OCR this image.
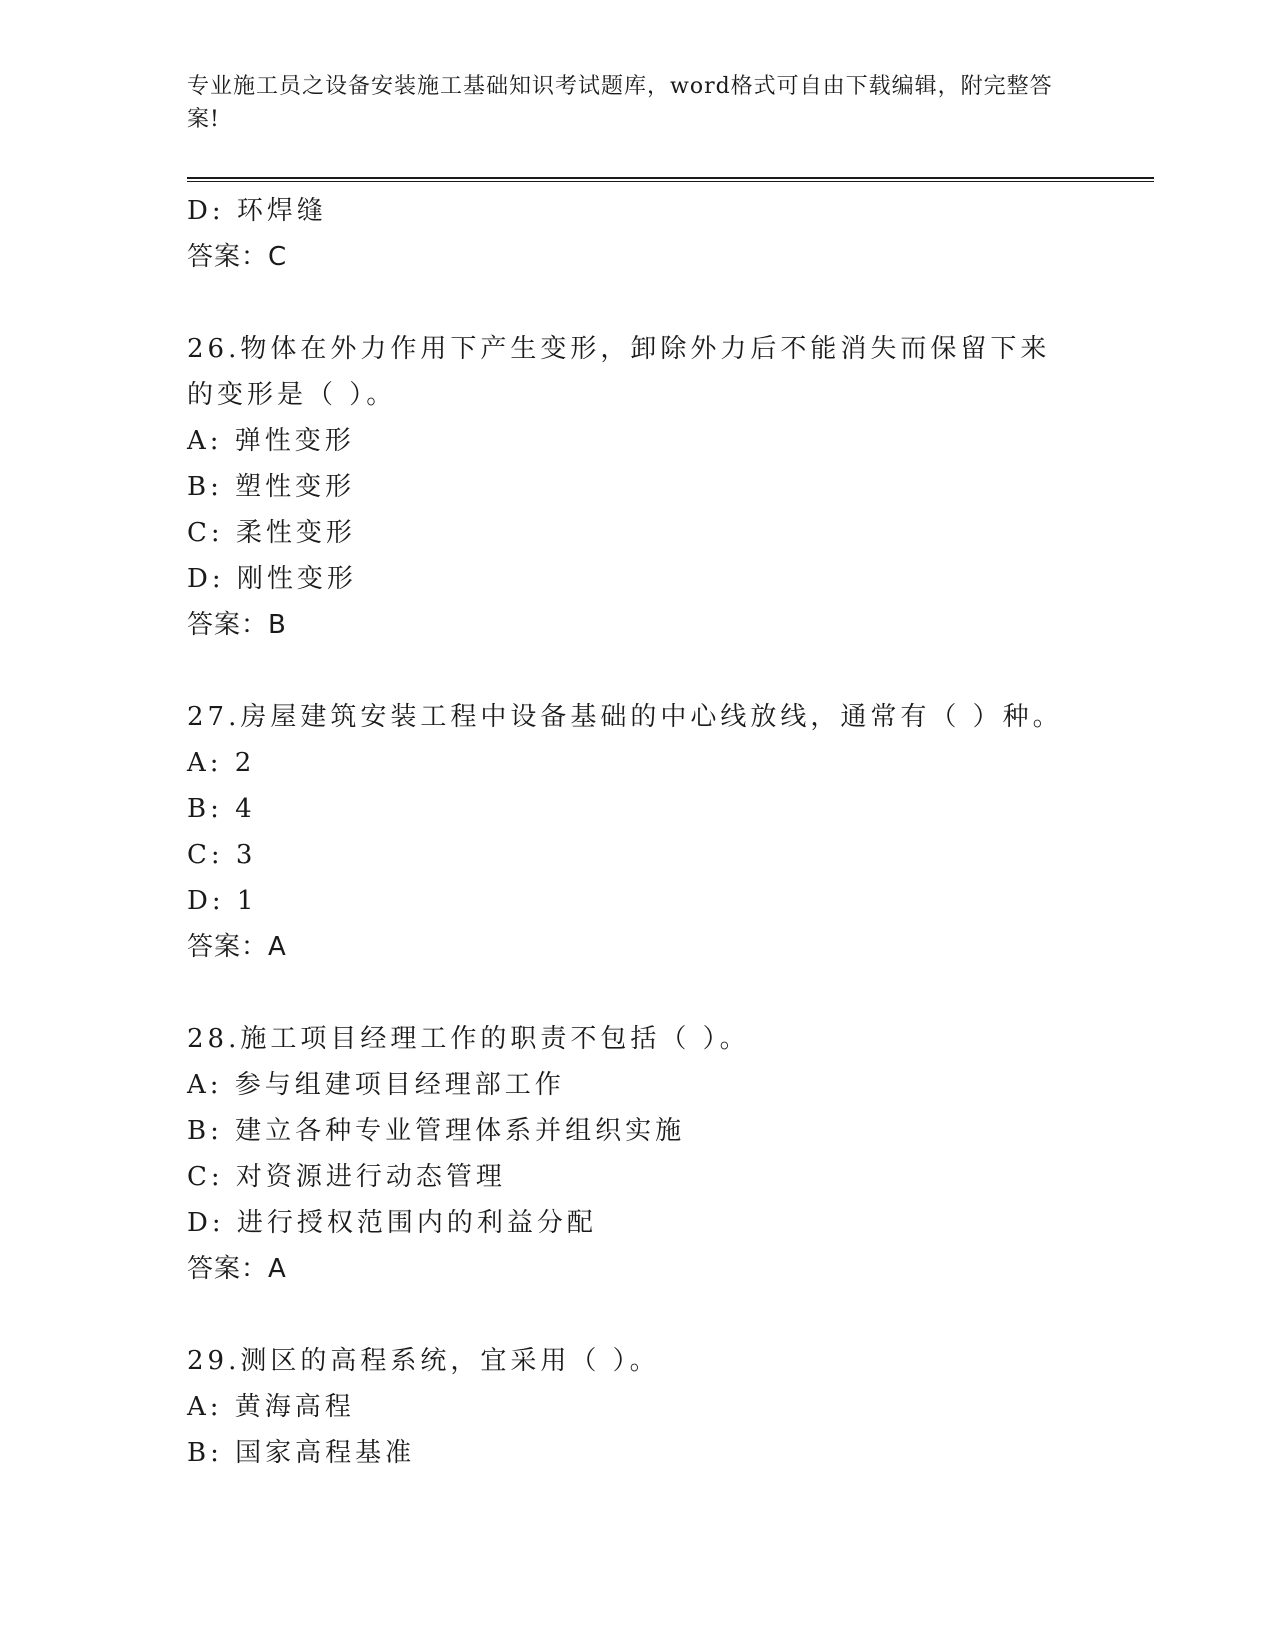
专业施工员之设备安装施工基础知识考试题库，word格式可自由下载编辑，附完整答案!
D: 环焊缝
答案：C
26.物体在外力作用下产生变形，卸除外力后不能消失而保留下来的变形是（ ）。
A: 弹性变形
B: 塑性变形
C: 柔性变形
D: 刚性变形
答案：B
27.房屋建筑安装工程中设备基础的中心线放线，通常有（ ）种。
A: 2
B: 4
C: 3
D: 1
答案：A
28.施工项目经理工作的职责不包括（ ）。
A: 参与组建项目经理部工作
B: 建立各种专业管理体系并组织实施
C: 对资源进行动态管理
D: 进行授权范围内的利益分配
答案：A
29.测区的高程系统，宜采用（ ）。
A: 黄海高程
B: 国家高程基准
